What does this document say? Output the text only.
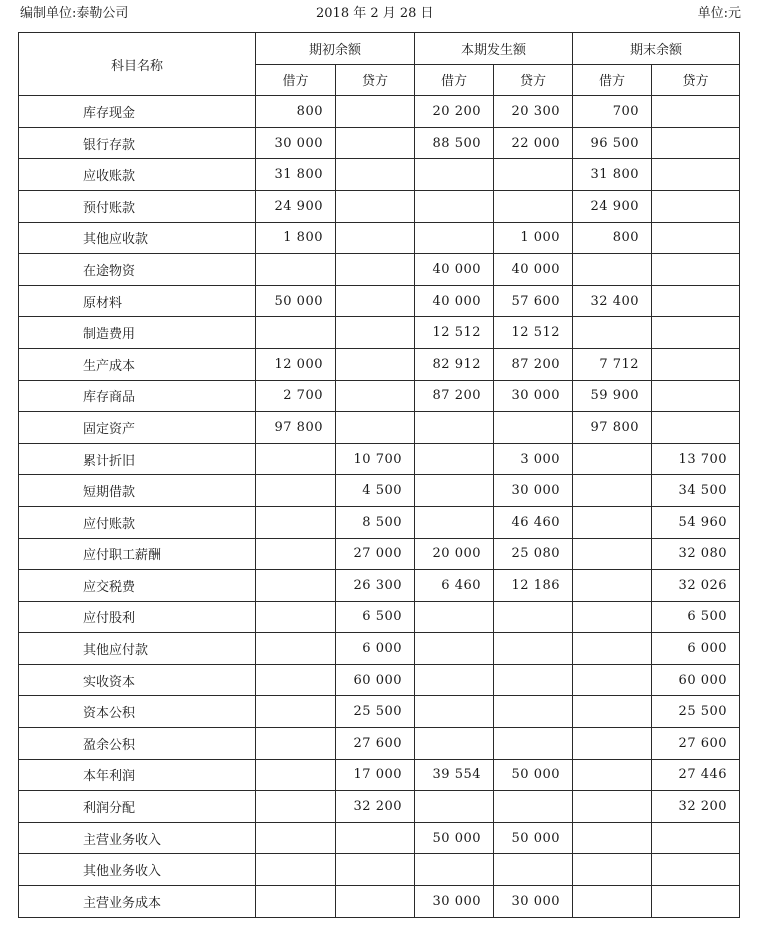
编制单位:泰勒公司	2018 年 2 月 28 日	单位:元
科目名称	期初余额		本期发生额		期末余额	
	借方	贷方	借方	贷方	借方	贷方
库存现金	800		20 200	20 300	700	
银行存款	30 000		88 500	22 000	96 500	
应收账款	31 800				31 800	
预付账款	24 900				24 900	
其他应收款	1 800			1 000	800	
在途物资			40 000	40 000		
原材料	50 000		40 000	57 600	32 400	
制造费用			12 512	12 512		
生产成本	12 000		82 912	87 200	7 712	
库存商品	2 700		87 200	30 000	59 900	
固定资产	97 800				97 800	
累计折旧		10 700		3 000		13 700
短期借款		4 500		30 000		34 500
应付账款		8 500		46 460		54 960
应付职工薪酬		27 000	20 000	25 080		32 080
应交税费		26 300	6 460	12 186		32 026
应付股利		6 500				6 500
其他应付款		6 000				6 000
实收资本		60 000				60 000
资本公积		25 500				25 500
盈余公积		27 600				27 600
本年利润		17 000	39 554	50 000		27 446
利润分配		32 200				32 200
主营业务收入			50 000	50 000		
其他业务收入						
主营业务成本			30 000	30 000		
